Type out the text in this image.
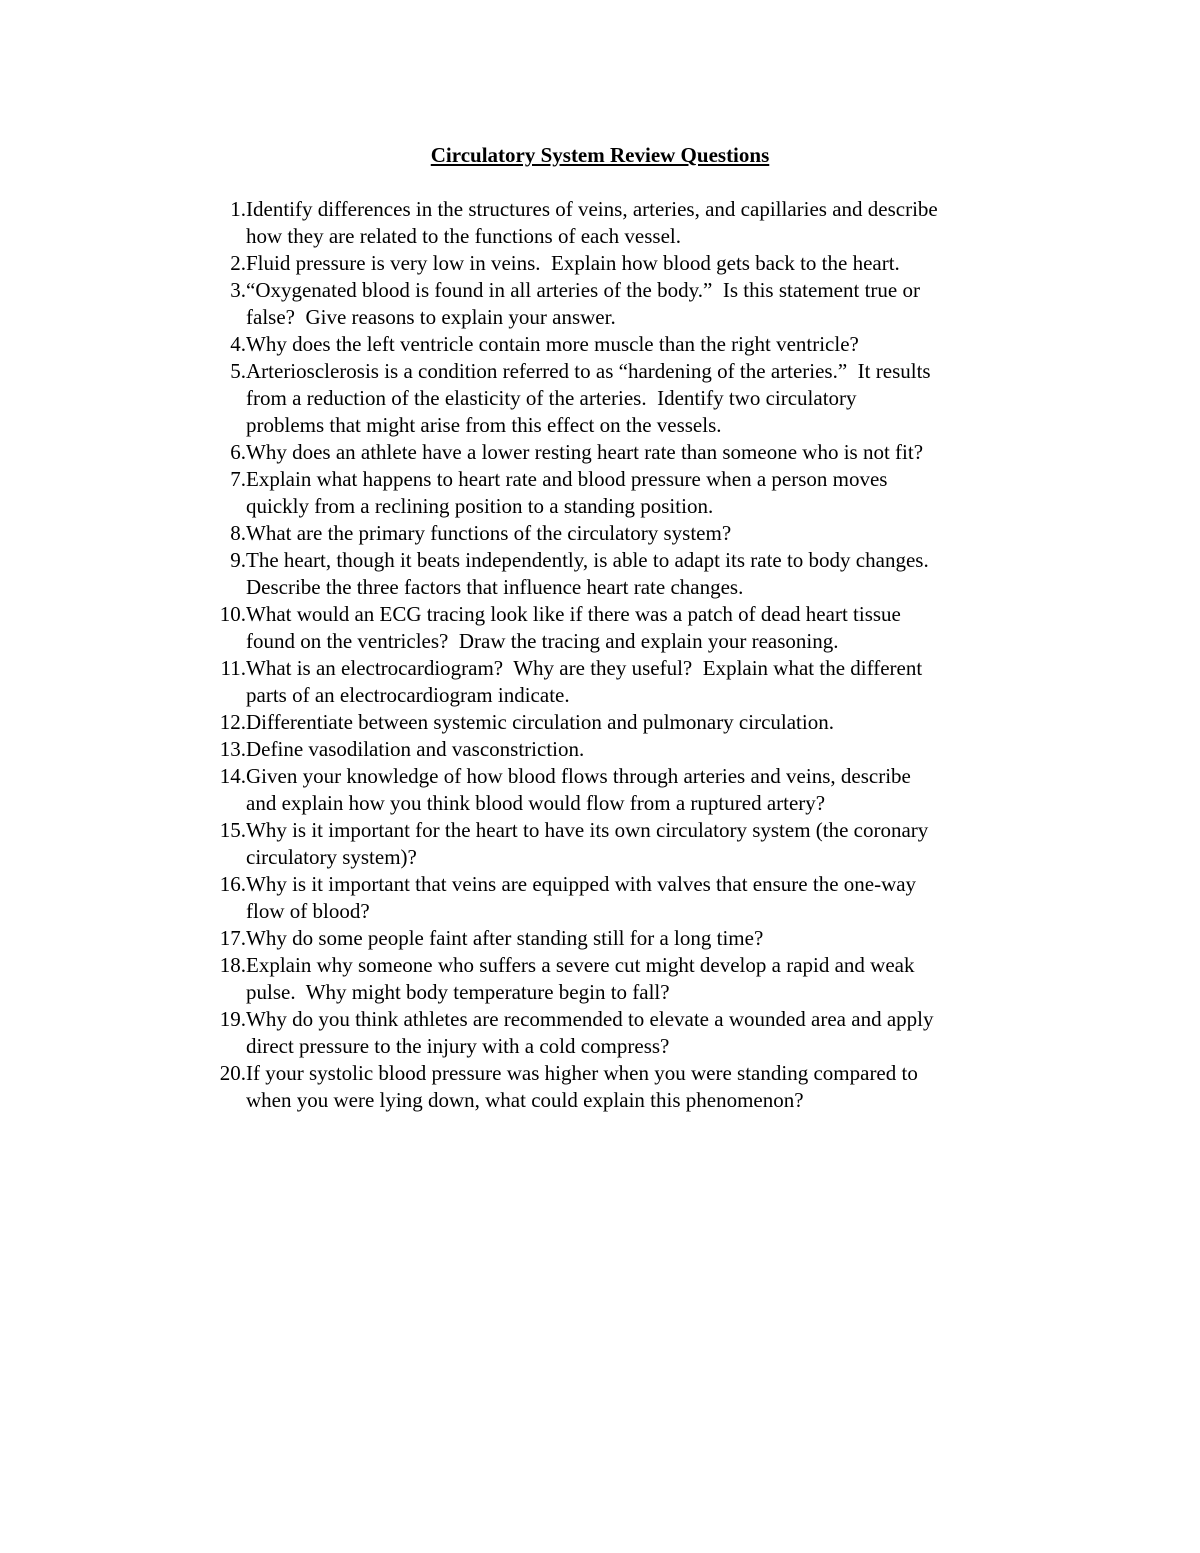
Circulatory System Review Questions
1. Identify differences in the structures of veins, arteries, and capillaries and describe
how they are related to the functions of each vessel.
2. Fluid pressure is very low in veins.  Explain how blood gets back to the heart.
3. “Oxygenated blood is found in all arteries of the body.”  Is this statement true or
false?  Give reasons to explain your answer.
4. Why does the left ventricle contain more muscle than the right ventricle?
5. Arteriosclerosis is a condition referred to as “hardening of the arteries.”  It results
from a reduction of the elasticity of the arteries.  Identify two circulatory
problems that might arise from this effect on the vessels.
6. Why does an athlete have a lower resting heart rate than someone who is not fit?
7. Explain what happens to heart rate and blood pressure when a person moves
quickly from a reclining position to a standing position.
8. What are the primary functions of the circulatory system?
9. The heart, though it beats independently, is able to adapt its rate to body changes.
Describe the three factors that influence heart rate changes.
10. What would an ECG tracing look like if there was a patch of dead heart tissue
found on the ventricles?  Draw the tracing and explain your reasoning.
11. What is an electrocardiogram?  Why are they useful?  Explain what the different
parts of an electrocardiogram indicate.
12. Differentiate between systemic circulation and pulmonary circulation.
13. Define vasodilation and vasconstriction.
14. Given your knowledge of how blood flows through arteries and veins, describe
and explain how you think blood would flow from a ruptured artery?
15. Why is it important for the heart to have its own circulatory system (the coronary
circulatory system)?
16. Why is it important that veins are equipped with valves that ensure the one-way
flow of blood?
17. Why do some people faint after standing still for a long time?
18. Explain why someone who suffers a severe cut might develop a rapid and weak
pulse.  Why might body temperature begin to fall?
19. Why do you think athletes are recommended to elevate a wounded area and apply
direct pressure to the injury with a cold compress?
20. If your systolic blood pressure was higher when you were standing compared to
when you were lying down, what could explain this phenomenon?
